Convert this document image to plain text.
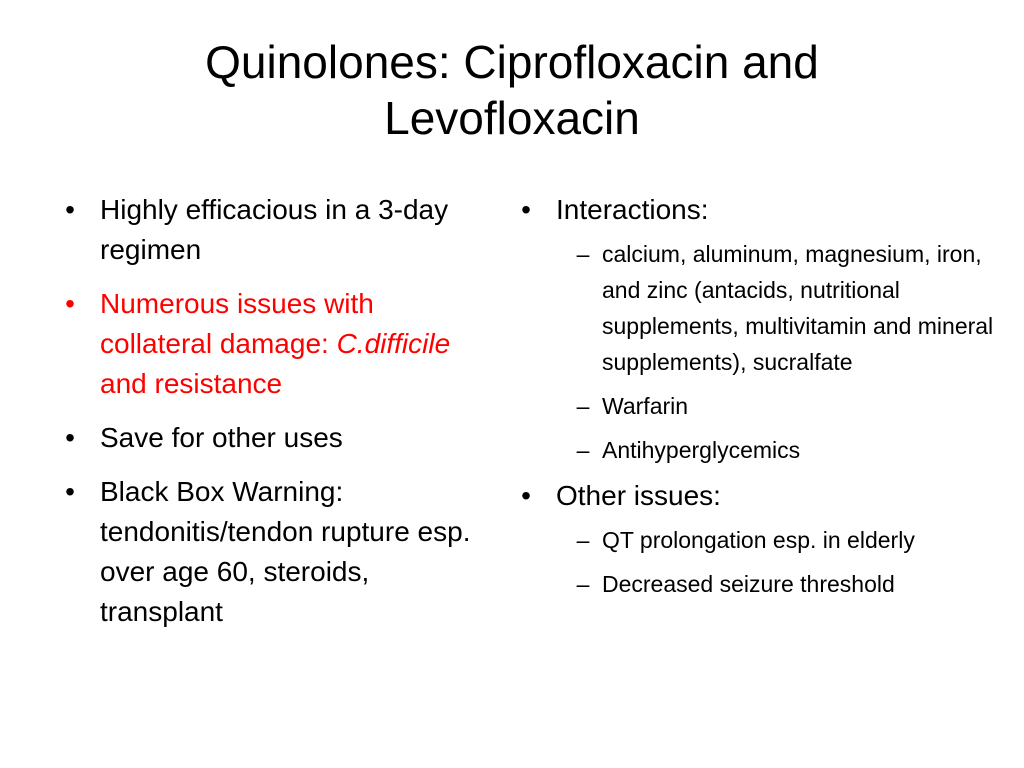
Quinolones: Ciprofloxacin and
Levofloxacin
• Highly efficacious in a 3-day regimen
• Numerous issues with collateral damage: C.difficile and resistance
• Save for other uses
• Black Box Warning: tendonitis/tendon rupture esp. over age 60, steroids, transplant
• Interactions:
– calcium, aluminum, magnesium, iron, and zinc (antacids, nutritional supplements, multivitamin and mineral supplements), sucralfate
– Warfarin
– Antihyperglycemics
• Other issues:
– QT prolongation esp. in elderly
– Decreased seizure threshold
